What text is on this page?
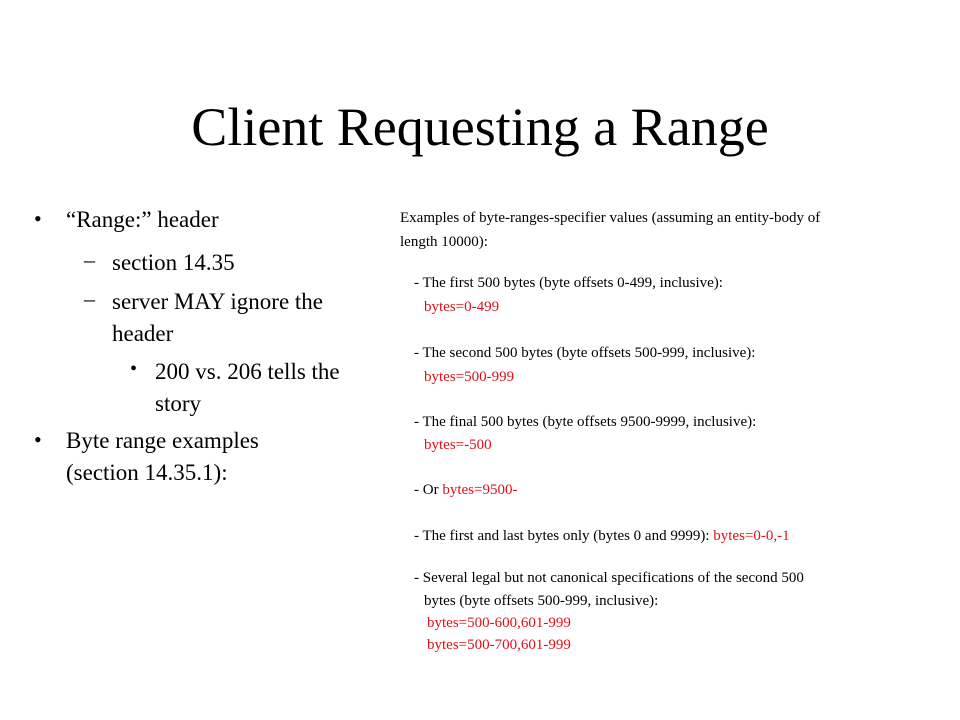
Client Requesting a Range
• “Range:” header
– section 14.35
– server MAY ignore the
header
• 200 vs. 206 tells the
story
• Byte range examples
(section 14.35.1):
Examples of byte-ranges-specifier values (assuming an entity-body of
length 10000):
- The first 500 bytes (byte offsets 0-499, inclusive):
bytes=0-499
- The second 500 bytes (byte offsets 500-999, inclusive):
bytes=500-999
- The final 500 bytes (byte offsets 9500-9999, inclusive):
bytes=-500
- Or bytes=9500-
- The first and last bytes only (bytes 0 and 9999): bytes=0-0,-1
- Several legal but not canonical specifications of the second 500
bytes (byte offsets 500-999, inclusive):
bytes=500-600,601-999
bytes=500-700,601-999
